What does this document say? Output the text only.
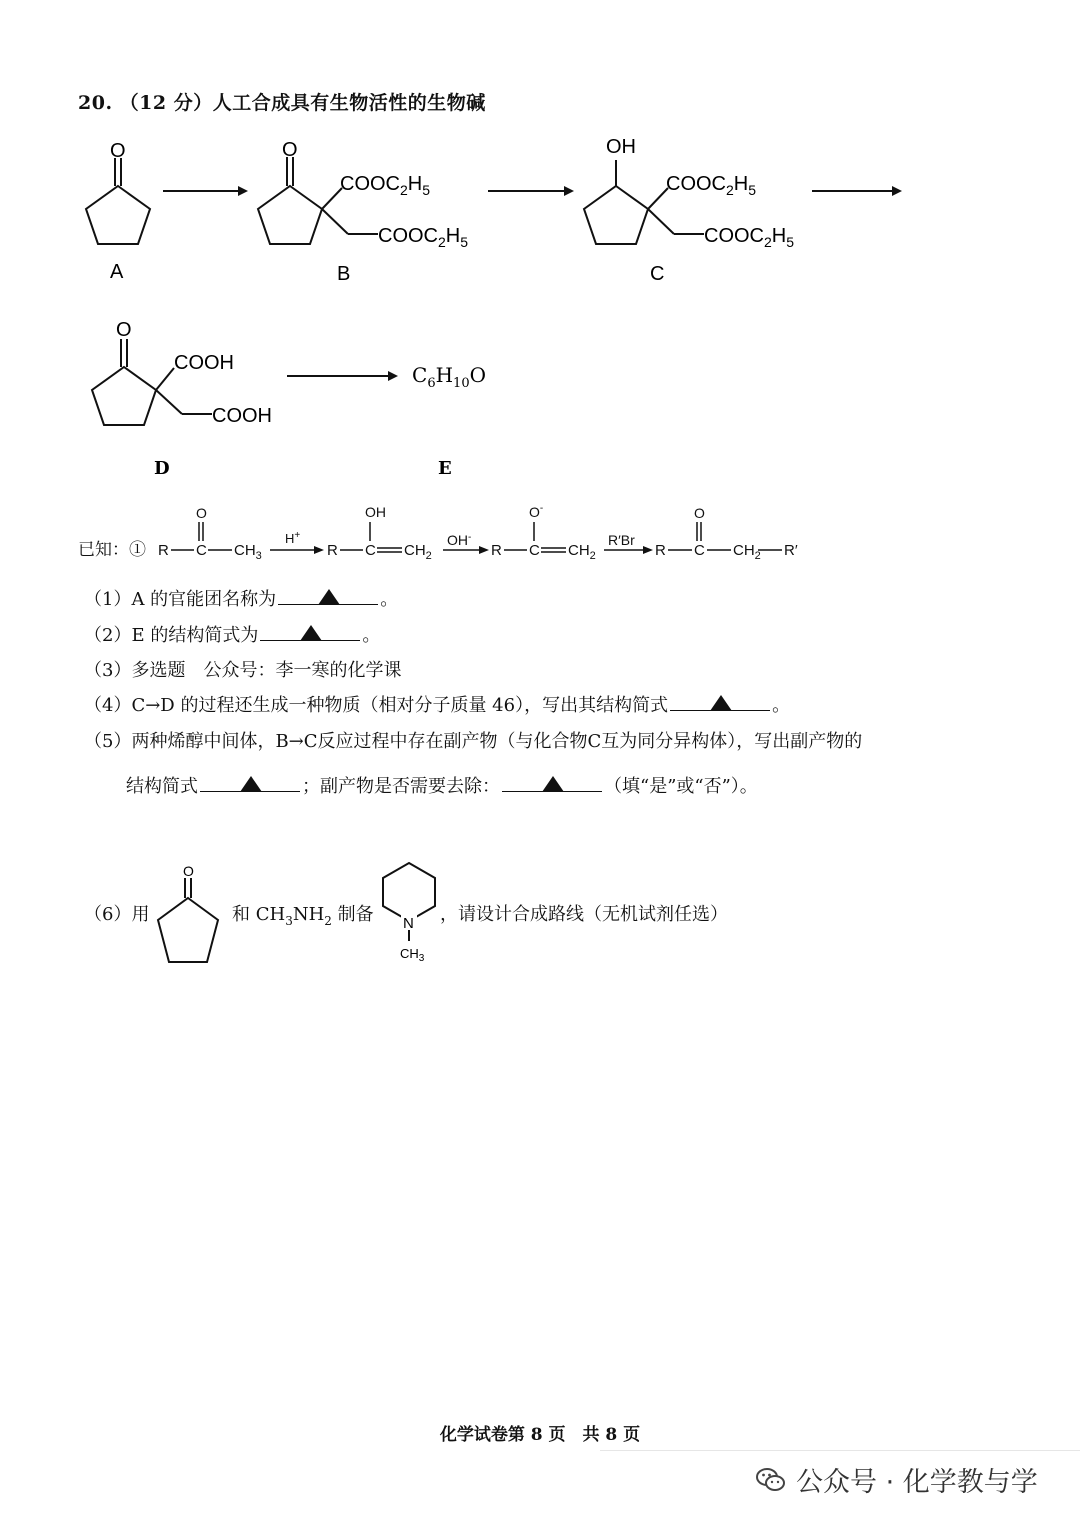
20. （12 分）人工合成具有生物活性的生物碱
O
A
O
$COOC_2H_5$
$COOC_2H_5$
B
OH
$COOC_2H_5$
$COOC_2H_5$
C
O
COOH
COOH
D
$C_6H_{10}O$
E
已知：① R C
O
$CH_3$
H+
R C
OH
$CH_2$
OH-
R C
O-
$CH_2$
R′Br
R C
O
$CH_2$ R′
（1）A 的官能团名称为	。
（2）E 的结构简式为	。
（3）多选题　公众号：李一寒的化学课
（4）C→D 的过程还生成一种物质（相对分子质量 46），写出其结构简式	。
（5）两种烯醇中间体，B→C反应过程中存在副产物（与化合物C互为同分异构体），写出副产物的
结构简式	；副产物是否需要去除：	（填“是”或“否”）。
（6）用	和 $CH_3NH_2$ 制备	，请设计合成路线（无机试剂任选）
O
N
$CH_3$
化学试卷第 8 页　共 8 页
公众号 · 化学教与学
